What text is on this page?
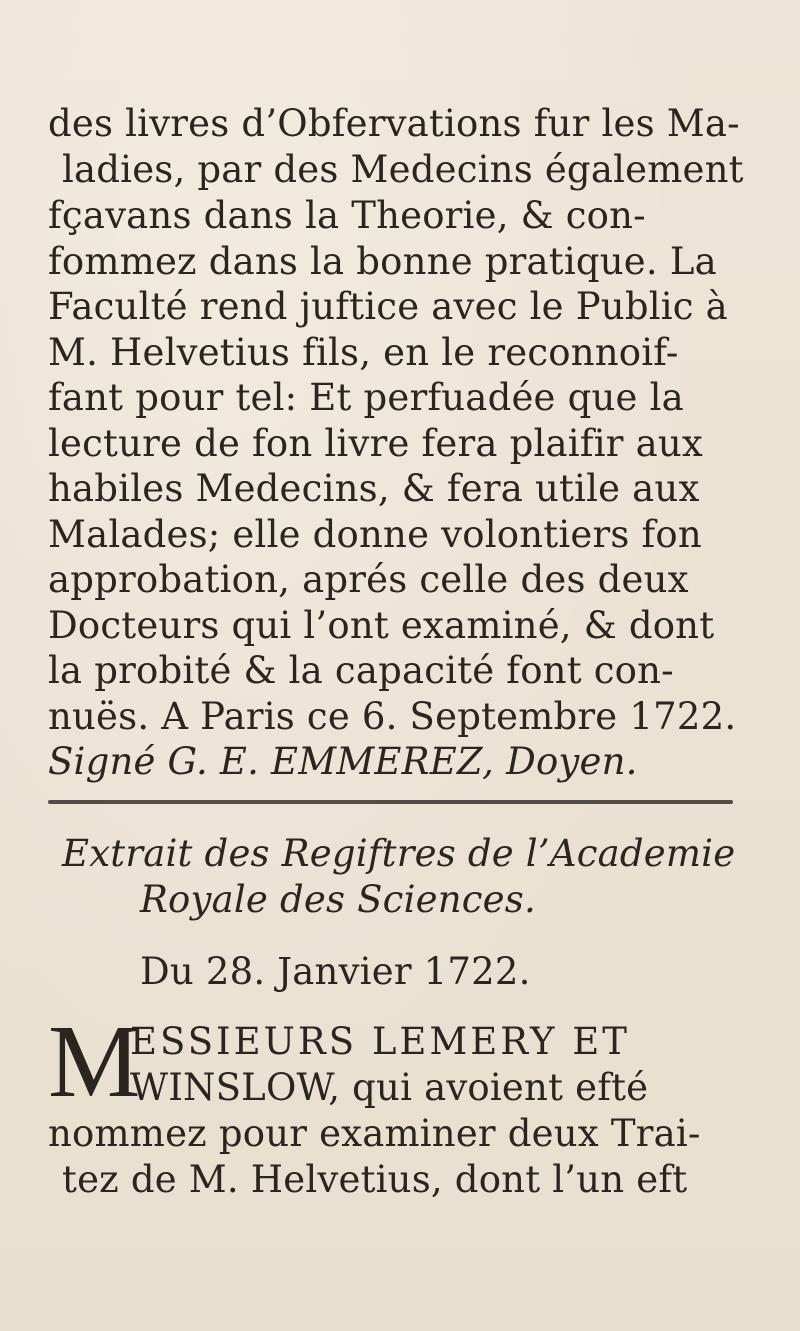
des livres d’Obfervations fur les Ma-
ladies, par des Medecins également
fçavans dans la Theorie, & con-
fommez dans la bonne pratique. La
Faculté rend juftice avec le Public à
M. Helvetius fils, en le reconnoif-
fant pour tel: Et perfuadée que la
lecture de fon livre fera plaifir aux
habiles Medecins, & fera utile aux
Malades; elle donne volontiers fon
approbation, aprés celle des deux
Docteurs qui l’ont examiné, & dont
la probité & la capacité font con-
nuës. A Paris ce 6. Septembre 1722.
Signé G. E. EMMEREZ, Doyen.
Extrait des Regiftres de l’Academie
Royale des Sciences.
Du 28. Janvier 1722.
M
ESSIEURS LEMERY ET
WINSLOW, qui avoient efté
nommez pour examiner deux Trai-
tez de M. Helvetius, dont l’un eft
